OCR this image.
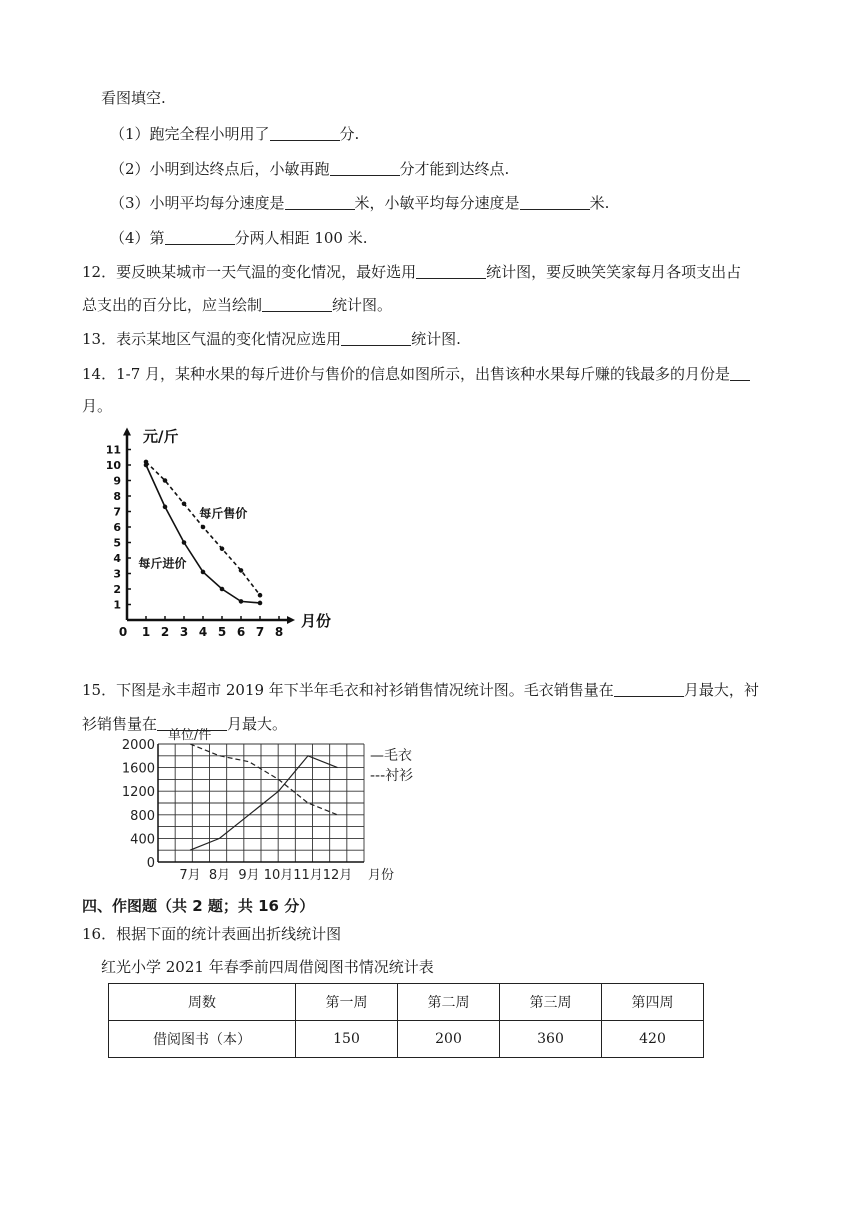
看图填空.
（1）跑完全程小明用了	分.
（2）小明到达终点后，小敏再跑	分才能到达终点.
（3）小明平均每分速度是	米，小敏平均每分速度是	米.
（4）第	分两人相距 100 米.
12．要反映某城市一天气温的变化情况，最好选用	统计图，要反映笑笑家每月各项支出占
总支出的百分比，应当绘制	统计图。
13．表示某地区气温的变化情况应选用	统计图.
14．1-7 月，某种水果的每斤进价与售价的信息如图所示，出售该种水果每斤赚的钱最多的月份是
月。
0 1 2 3 4 5 6 7 8
1
2
3
4
5
6
7
8
9
10
11
元/斤
月份
每斤售价
每斤进价
15．下图是永丰超市 2019 年下半年毛衣和衬衫销售情况统计图。毛衣销售量在	月最大，衬
衫销售量在	月最大。
0
400
800
1200
1600
2000
7月 8月 9月 10月 11月 12月
单位/件
月份
—毛衣
---衬衫
四、作图题（共 2 题；共 16 分）
16．根据下面的统计表画出折线统计图
红光小学 2021 年春季前四周借阅图书情况统计表
周数	第一周	第二周	第三周	第四周
借阅图书（本）	150	200	360	420
